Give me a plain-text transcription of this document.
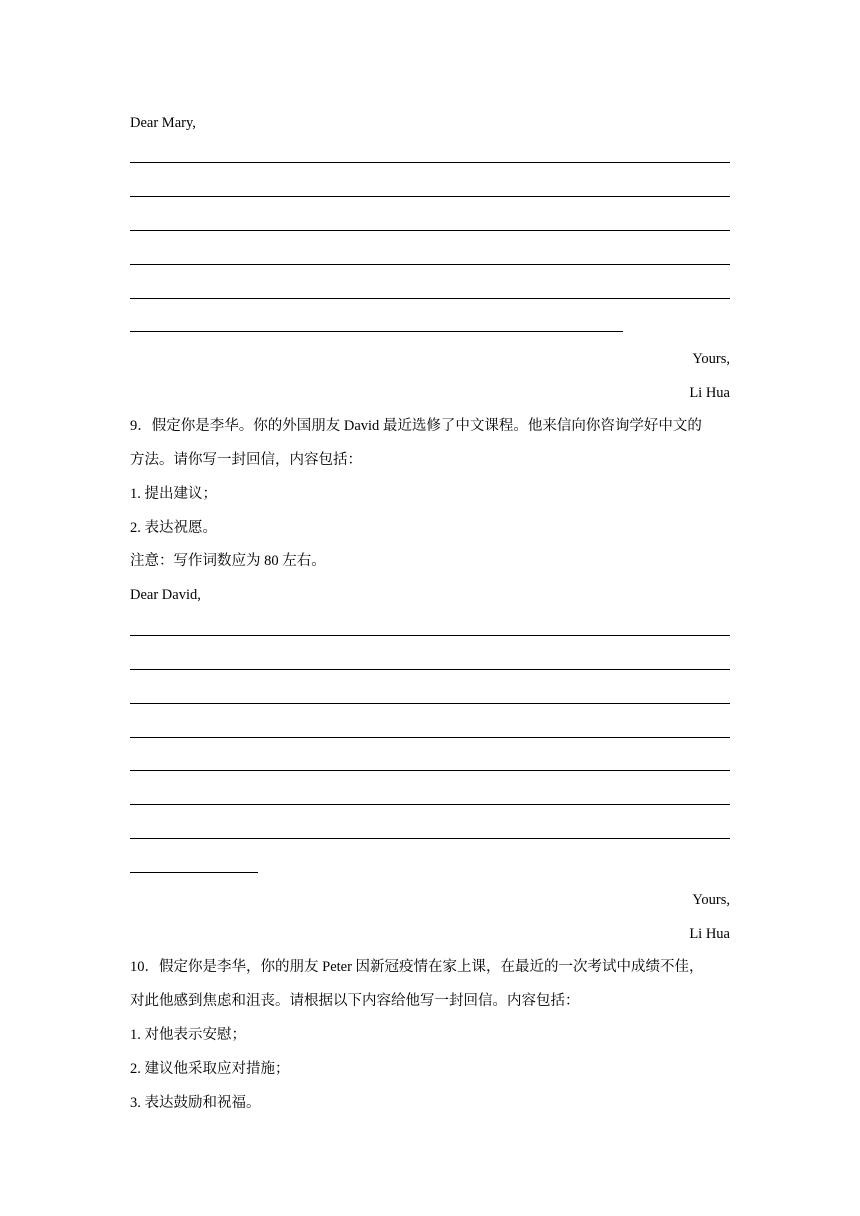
Dear Mary,
Yours,
Li Hua
9．假定你是李华。你的外国朋友 David 最近选修了中文课程。他来信向你咨询学好中文的
方法。请你写一封回信，内容包括：
1. 提出建议；
2. 表达祝愿。
注意：写作词数应为 80 左右。
Dear David,
Yours,
Li Hua
10．假定你是李华，你的朋友 Peter 因新冠疫情在家上课，在最近的一次考试中成绩不佳，
对此他感到焦虑和沮丧。请根据以下内容给他写一封回信。内容包括：
1. 对他表示安慰；
2. 建议他采取应对措施；
3. 表达鼓励和祝福。
